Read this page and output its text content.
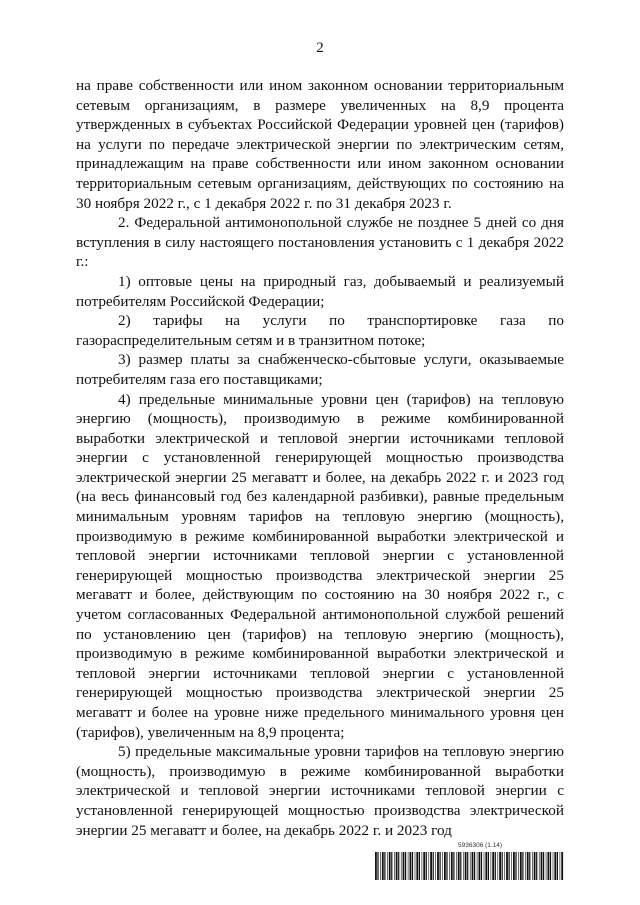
2

на праве собственности или ином законном основании территориальным сетевым организациям, в размере увеличенных на 8,9 процента утвержденных в субъектах Российской Федерации уровней цен (тарифов) на услуги по передаче электрической энергии по электрическим сетям, принадлежащим на праве собственности или ином законном основании территориальным сетевым организациям, действующих по состоянию на 30 ноября 2022 г., с 1 декабря 2022 г. по 31 декабря 2023 г.

2. Федеральной антимонопольной службе не позднее 5 дней со дня вступления в силу настоящего постановления установить с 1 декабря 2022 г.:

1) оптовые цены на природный газ, добываемый и реализуемый потребителям Российской Федерации;

2) тарифы на услуги по транспортировке газа по газораспределительным сетям и в транзитном потоке;

3) размер платы за снабженческо-сбытовые услуги, оказываемые потребителям газа его поставщиками;

4) предельные минимальные уровни цен (тарифов) на тепловую энергию (мощность), производимую в режиме комбинированной выработки электрической и тепловой энергии источниками тепловой энергии с установленной генерирующей мощностью производства электрической энергии 25 мегаватт и более, на декабрь 2022 г. и 2023 год (на весь финансовый год без календарной разбивки), равные предельным минимальным уровням тарифов на тепловую энергию (мощность), производимую в режиме комбинированной выработки электрической и тепловой энергии источниками тепловой энергии с установленной генерирующей мощностью производства электрической энергии 25 мегаватт и более, действующим по состоянию на 30 ноября 2022 г., с учетом согласованных Федеральной антимонопольной службой решений по установлению цен (тарифов) на тепловую энергию (мощность), производимую в режиме комбинированной выработки электрической и тепловой энергии источниками тепловой энергии с установленной генерирующей мощностью производства электрической энергии 25 мегаватт и более на уровне ниже предельного минимального уровня цен (тарифов), увеличенным на 8,9 процента;

5) предельные максимальные уровни тарифов на тепловую энергию (мощность), производимую в режиме комбинированной выработки электрической и тепловой энергии источниками тепловой энергии с установленной генерирующей мощностью производства электрической энергии 25 мегаватт и более, на декабрь 2022 г. и 2023 год

5936306 (1.14)
